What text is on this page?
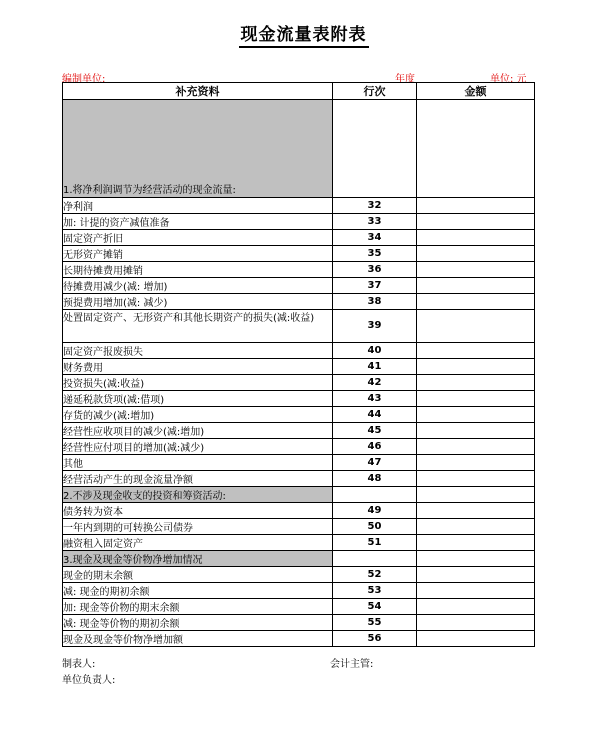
现金流量表附表
编制单位:	年度	单位: 元
补充资料	行次	金额
1.将净利润调节为经营活动的现金流量:		
净利润	32	
加: 计提的资产减值准备	33	
固定资产折旧	34	
无形资产摊销	35	
长期待摊费用摊销	36	
待摊费用减少(减: 增加)	37	
预提费用增加(减: 减少)	38	
处置固定资产、无形资产和其他长期资产的损失(减:收益)	39	
固定资产报废损失	40	
财务费用	41	
投资损失(减:收益)	42	
递延税款贷项(减:借项)	43	
存货的减少(减:增加)	44	
经营性应收项目的减少(减:增加)	45	
经营性应付项目的增加(减:减少)	46	
其他	47	
经营活动产生的现金流量净额	48	
2.不涉及现金收支的投资和筹资活动:		
债务转为资本	49	
一年内到期的可转换公司债券	50	
融资租入固定资产	51	
3.现金及现金等价物净增加情况		
现金的期末余额	52	
减: 现金的期初余额	53	
加: 现金等价物的期末余额	54	
减: 现金等价物的期初余额	55	
现金及现金等价物净增加额	56	
制表人:	会计主管:
单位负责人:
